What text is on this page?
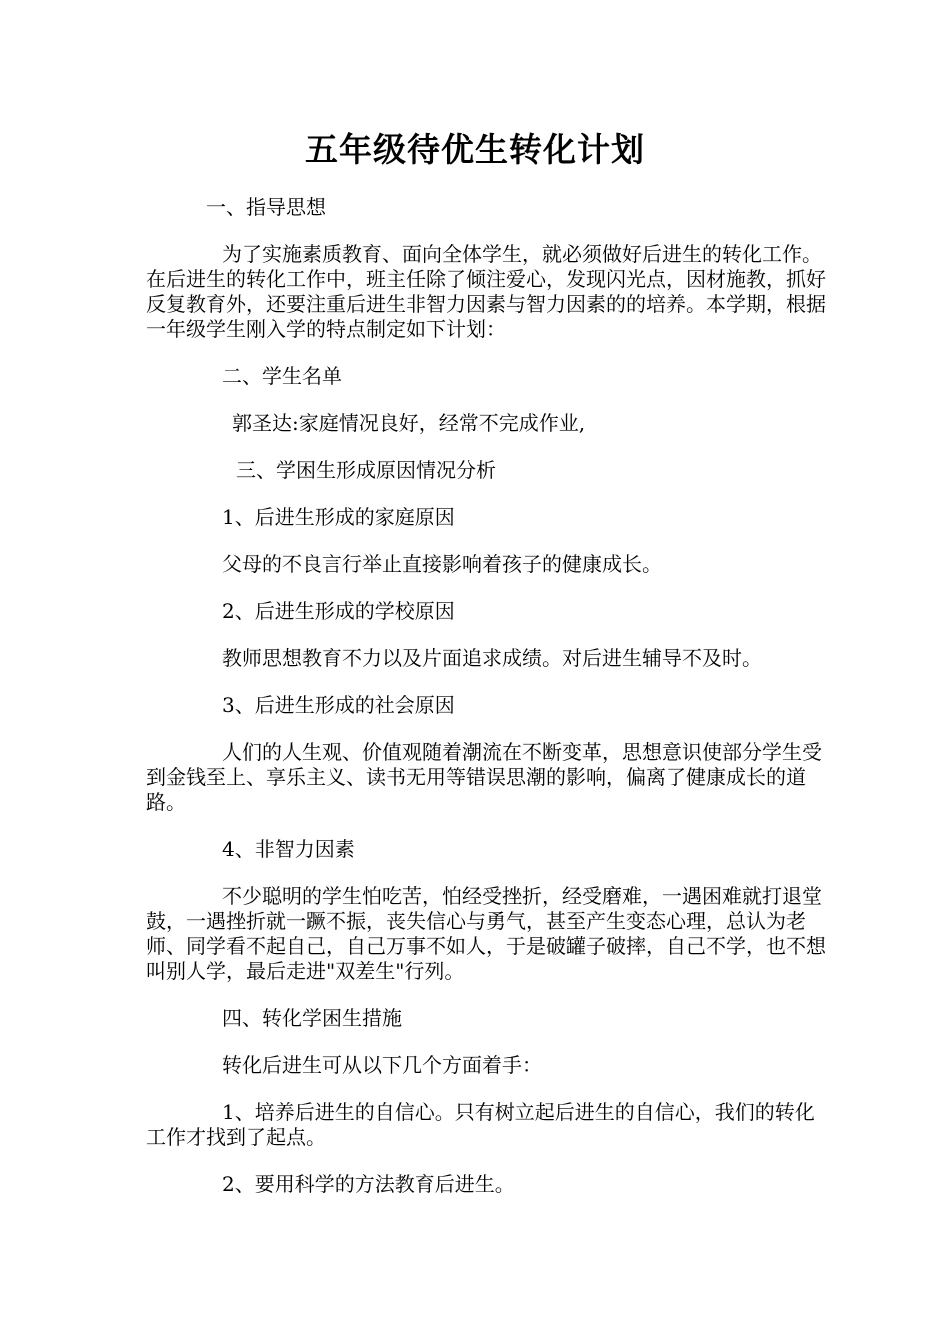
五年级待优生转化计划

一、指导思想

为了实施素质教育、面向全体学生，就必须做好后进生的转化工作。在后进生的转化工作中，班主任除了倾注爱心，发现闪光点，因材施教，抓好反复教育外，还要注重后进生非智力因素与智力因素的的培养。本学期，根据一年级学生刚入学的特点制定如下计划：

二、学生名单

郭圣达:家庭情况良好，经常不完成作业,

三、学困生形成原因情况分析

1、后进生形成的家庭原因

父母的不良言行举止直接影响着孩子的健康成长。

2、后进生形成的学校原因

教师思想教育不力以及片面追求成绩。对后进生辅导不及时。

3、后进生形成的社会原因

人们的人生观、价值观随着潮流在不断变革，思想意识使部分学生受到金钱至上、享乐主义、读书无用等错误思潮的影响，偏离了健康成长的道路。

4、非智力因素

不少聪明的学生怕吃苦，怕经受挫折，经受磨难，一遇困难就打退堂鼓，一遇挫折就一蹶不振，丧失信心与勇气，甚至产生变态心理，总认为老师、同学看不起自己，自己万事不如人，于是破罐子破摔，自己不学，也不想叫别人学，最后走进"双差生"行列。

四、转化学困生措施

转化后进生可从以下几个方面着手：

1、培养后进生的自信心。只有树立起后进生的自信心，我们的转化工作才找到了起点。

2、要用科学的方法教育后进生。
